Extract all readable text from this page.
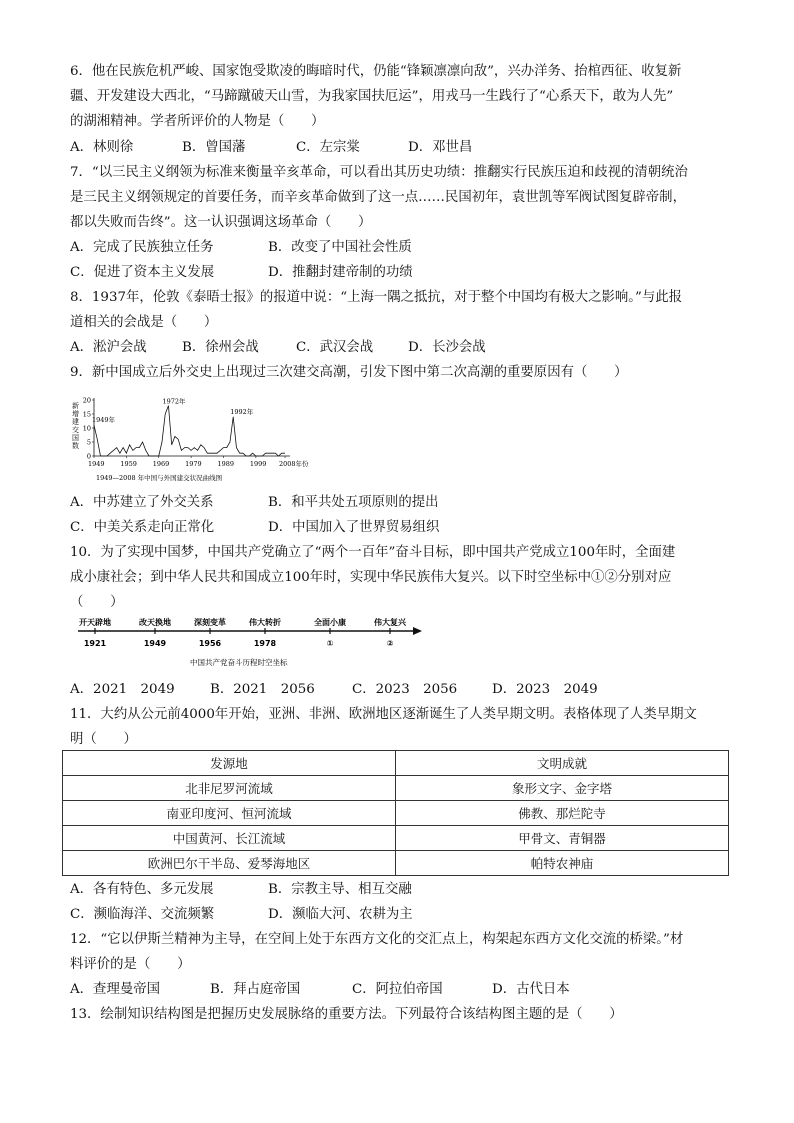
6．他在民族危机严峻、国家饱受欺凌的晦暗时代，仍能“锋颖凛凛向敌”，兴办洋务、抬棺西征、收复新
疆、开发建设大西北，“马蹄蹴破天山雪，为我家国扶厄运”，用戎马一生践行了“心系天下，敢为人先”
的湖湘精神。学者所评价的人物是（　　）
A．林则徐	B．曾国藩	C．左宗棠	D．邓世昌
7．“以三民主义纲领为标准来衡量辛亥革命，可以看出其历史功绩：推翻实行民族压迫和歧视的清朝统治
是三民主义纲领规定的首要任务，而辛亥革命做到了这一点……民国初年，袁世凯等军阀试图复辟帝制，
都以失败而告终”。这一认识强调这场革命（　　）
A．完成了民族独立任务	B．改变了中国社会性质
C．促进了资本主义发展	D．推翻封建帝制的功绩
8．1937年，伦敦《泰晤士报》的报道中说：“上海一隅之抵抗，对于整个中国均有极大之影响。”与此报
道相关的会战是（　　）
A．淞沪会战	B．徐州会战	C．武汉会战	D．长沙会战
9．新中国成立后外交史上出现过三次建交高潮，引发下图中第二次高潮的重要原因有（　　）
新
增
建
交
国
数
0
5
10
15
20
1949 1959 1969 1979 1989 1999 2008年份
1949年
1972年
1992年
1949—2008 年中国与外国建交状况曲线图
A．中苏建立了外交关系	B．和平共处五项原则的提出
C．中美关系走向正常化	D．中国加入了世界贸易组织
10．为了实现中国梦，中国共产党确立了“两个一百年”奋斗目标，即中国共产党成立100年时，全面建
成小康社会；到中华人民共和国成立100年时，实现中华民族伟大复兴。以下时空坐标中①②分别对应
（　　）
开天辟地
1921
改天换地
1949
深刻变革
1956
伟大转折
1978
全面小康
①
伟大复兴
②
中国共产党奋斗历程时空坐标
A．2021　2049	B．2021　2056	C．2023　2056	D．2023　2049
11．大约从公元前4000年开始，亚洲、非洲、欧洲地区逐渐诞生了人类早期文明。表格体现了人类早期文
明（　　）
发源地	文明成就
北非尼罗河流域	象形文字、金字塔
南亚印度河、恒河流域	佛教、那烂陀寺
中国黄河、长江流域	甲骨文、青铜器
欧洲巴尔干半岛、爱琴海地区	帕特农神庙
A．各有特色、多元发展	B．宗教主导、相互交融
C．濒临海洋、交流频繁	D．濒临大河、农耕为主
12．“它以伊斯兰精神为主导，在空间上处于东西方文化的交汇点上，构架起东西方文化交流的桥梁。”材
料评价的是（　　）
A．查理曼帝国	B．拜占庭帝国	C．阿拉伯帝国	D．古代日本
13．绘制知识结构图是把握历史发展脉络的重要方法。下列最符合该结构图主题的是（　　）
